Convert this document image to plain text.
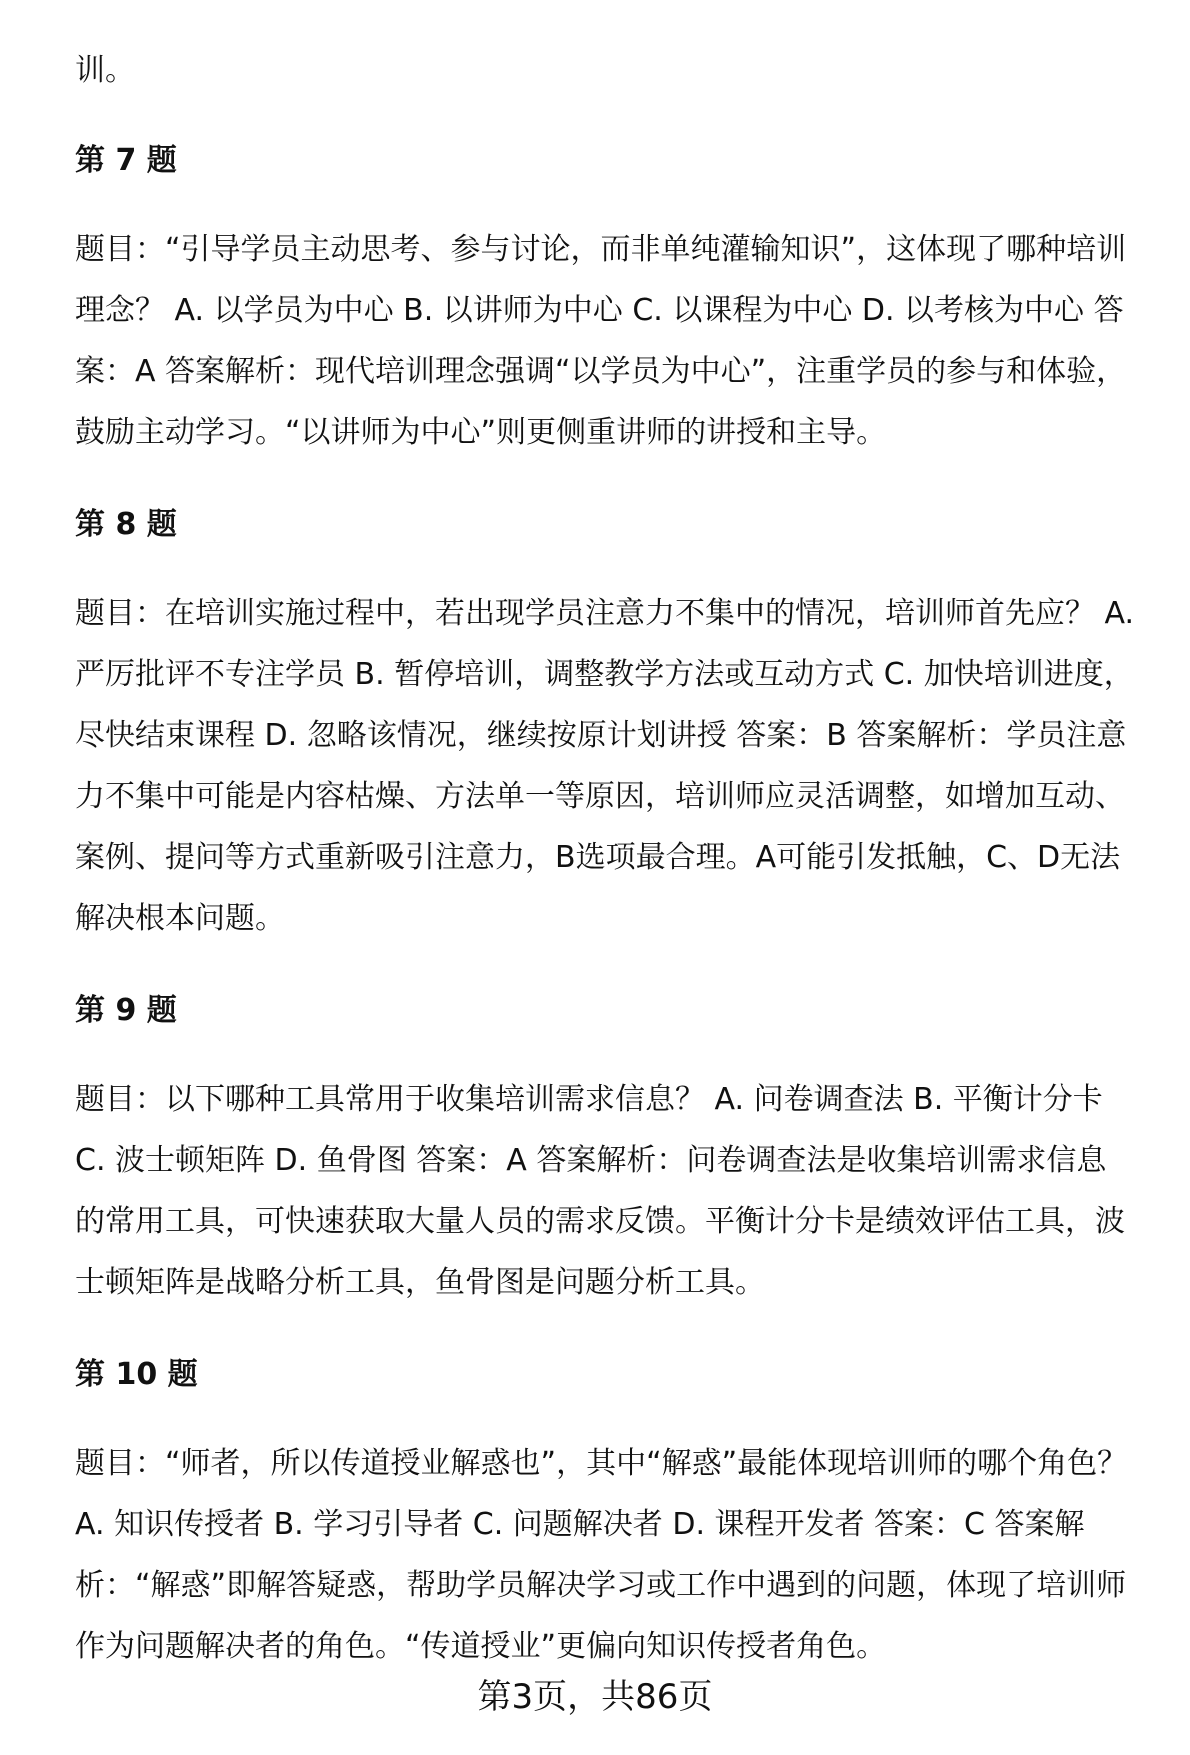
训。

第 7 题

题目：“引导学员主动思考、参与讨论，而非单纯灌输知识”，这体现了哪种培训理念？ A. 以学员为中心 B. 以讲师为中心 C. 以课程为中心 D. 以考核为中心 答案：A 答案解析：现代培训理念强调“以学员为中心”，注重学员的参与和体验，鼓励主动学习。“以讲师为中心”则更侧重讲师的讲授和主导。

第 8 题

题目：在培训实施过程中，若出现学员注意力不集中的情况，培训师首先应？ A. 严厉批评不专注学员 B. 暂停培训，调整教学方法或互动方式 C. 加快培训进度，尽快结束课程 D. 忽略该情况，继续按原计划讲授 答案：B 答案解析：学员注意力不集中可能是内容枯燥、方法单一等原因，培训师应灵活调整，如增加互动、案例、提问等方式重新吸引注意力，B选项最合理。A可能引发抵触，C、D无法解决根本问题。

第 9 题

题目：以下哪种工具常用于收集培训需求信息？ A. 问卷调查法 B. 平衡计分卡 C. 波士顿矩阵 D. 鱼骨图 答案：A 答案解析：问卷调查法是收集培训需求信息的常用工具，可快速获取大量人员的需求反馈。平衡计分卡是绩效评估工具，波士顿矩阵是战略分析工具，鱼骨图是问题分析工具。

第 10 题

题目：“师者，所以传道授业解惑也”，其中“解惑”最能体现培训师的哪个角色？ A. 知识传授者 B. 学习引导者 C. 问题解决者 D. 课程开发者 答案：C 答案解析：“解惑”即解答疑惑，帮助学员解决学习或工作中遇到的问题，体现了培训师作为问题解决者的角色。“传道授业”更偏向知识传授者角色。

第3页，共86页
